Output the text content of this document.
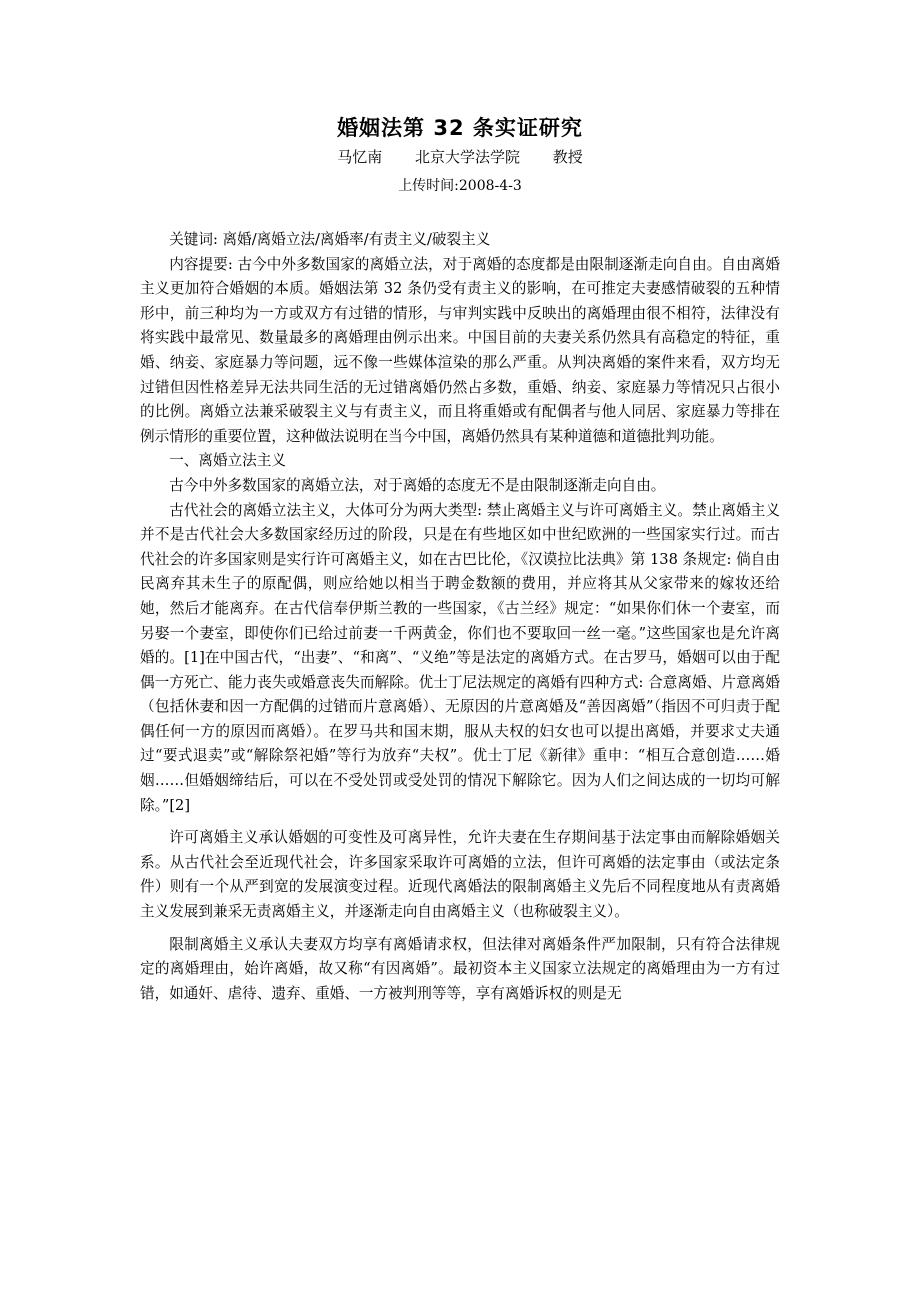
婚姻法第 32 条实证研究
马忆南 北京大学法学院 教授
上传时间:2008-4-3

关键词: 离婚/离婚立法/离婚率/有责主义/破裂主义

内容提要: 古今中外多数国家的离婚立法，对于离婚的态度都是由限制逐渐走向自由。自由离婚主义更加符合婚姻的本质。婚姻法第 32 条仍受有责主义的影响，在可推定夫妻感情破裂的五种情形中，前三种均为一方或双方有过错的情形，与审判实践中反映出的离婚理由很不相符，法律没有将实践中最常见、数量最多的离婚理由例示出来。中国目前的夫妻关系仍然具有高稳定的特征，重婚、纳妾、家庭暴力等问题，远不像一些媒体渲染的那么严重。从判决离婚的案件来看，双方均无过错但因性格差异无法共同生活的无过错离婚仍然占多数，重婚、纳妾、家庭暴力等情况只占很小的比例。离婚立法兼采破裂主义与有责主义，而且将重婚或有配偶者与他人同居、家庭暴力等排在例示情形的重要位置，这种做法说明在当今中国，离婚仍然具有某种道德和道德批判功能。

一、离婚立法主义

古今中外多数国家的离婚立法，对于离婚的态度无不是由限制逐渐走向自由。

古代社会的离婚立法主义，大体可分为两大类型: 禁止离婚主义与许可离婚主义。禁止离婚主义并不是古代社会大多数国家经历过的阶段，只是在有些地区如中世纪欧洲的一些国家实行过。而古代社会的许多国家则是实行许可离婚主义，如在古巴比伦，《汉谟拉比法典》第 138 条规定: 倘自由民离弃其未生子的原配偶，则应给她以相当于聘金数额的费用，并应将其从父家带来的嫁妆还给她，然后才能离弃。在古代信奉伊斯兰教的一些国家，《古兰经》规定：“如果你们休一个妻室，而另娶一个妻室，即使你们已给过前妻一千两黄金，你们也不要取回一丝一毫。”这些国家也是允许离婚的。[1]在中国古代，“出妻”、“和离”、“义绝”等是法定的离婚方式。在古罗马，婚姻可以由于配偶一方死亡、能力丧失或婚意丧失而解除。优士丁尼法规定的离婚有四种方式: 合意离婚、片意离婚（包括休妻和因一方配偶的过错而片意离婚）、无原因的片意离婚及“善因离婚”（指因不可归责于配偶任何一方的原因而离婚）。在罗马共和国末期，服从夫权的妇女也可以提出离婚，并要求丈夫通过“要式退卖”或“解除祭祀婚”等行为放弃“夫权”。优士丁尼《新律》重申：“相互合意创造……婚姻……但婚姻缔结后，可以在不受处罚或受处罚的情况下解除它。因为人们之间达成的一切均可解除。”[2]

许可离婚主义承认婚姻的可变性及可离异性，允许夫妻在生存期间基于法定事由而解除婚姻关系。从古代社会至近现代社会，许多国家采取许可离婚的立法，但许可离婚的法定事由（或法定条件）则有一个从严到宽的发展演变过程。近现代离婚法的限制离婚主义先后不同程度地从有责离婚主义发展到兼采无责离婚主义，并逐渐走向自由离婚主义（也称破裂主义）。

限制离婚主义承认夫妻双方均享有离婚请求权，但法律对离婚条件严加限制，只有符合法律规定的离婚理由，始许离婚，故又称“有因离婚”。最初资本主义国家立法规定的离婚理由为一方有过错，如通奸、虐待、遗弃、重婚、一方被判刑等等，享有离婚诉权的则是无
